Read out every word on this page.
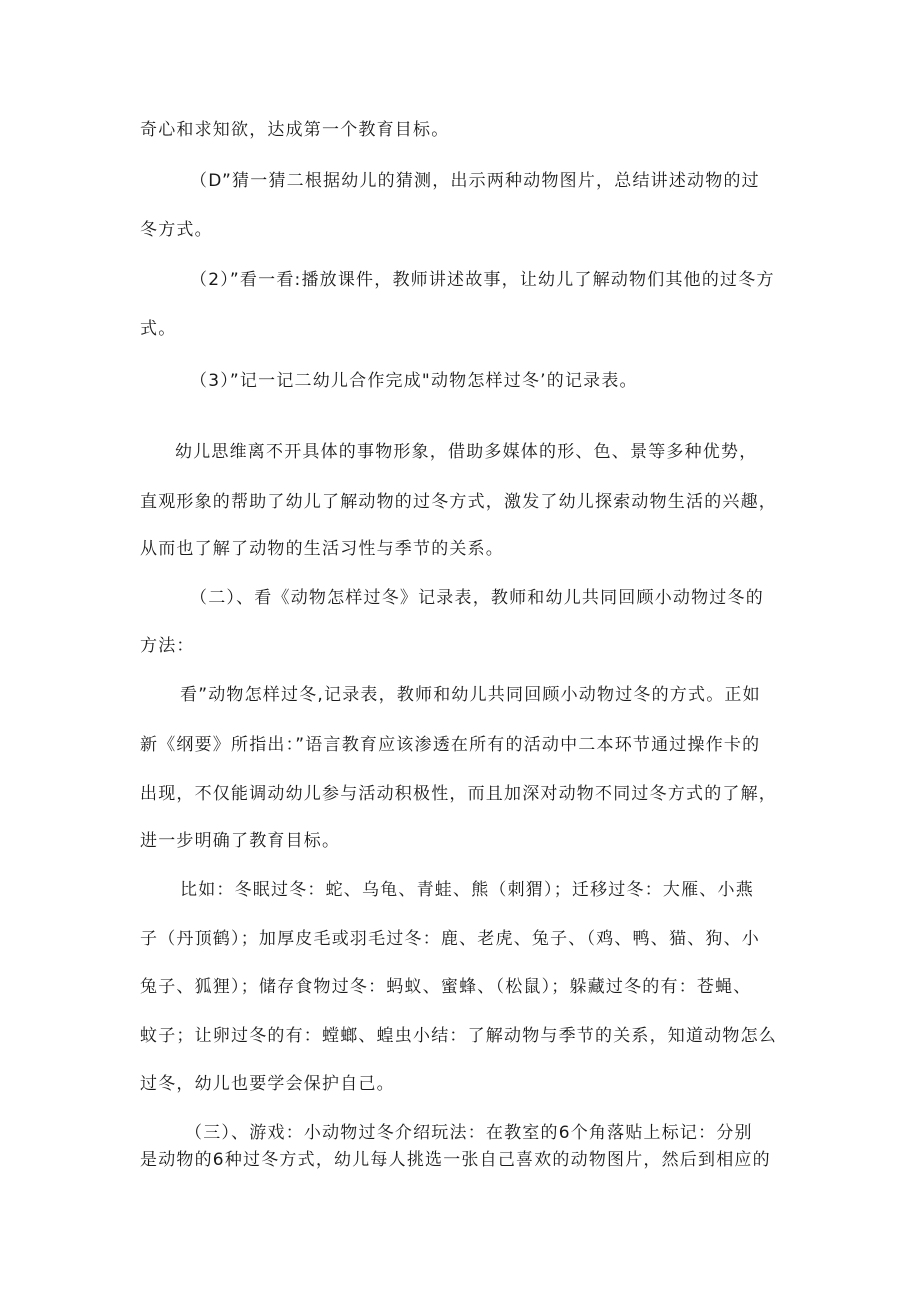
奇心和求知欲，达成第一个教育目标。
（D”猜一猜二根据幼儿的猜测，出示两种动物图片，总结讲述动物的过
冬方式。
（2）”看一看:播放课件，教师讲述故事，让幼儿了解动物们其他的过冬方
式。
（3）”记一记二幼儿合作完成"动物怎样过冬’的记录表。
幼儿思维离不开具体的事物形象，借助多媒体的形、色、景等多种优势，
直观形象的帮助了幼儿了解动物的过冬方式，激发了幼儿探索动物生活的兴趣，
从而也了解了动物的生活习性与季节的关系。
（二）、看《动物怎样过冬》记录表，教师和幼儿共同回顾小动物过冬的
方法：
看”动物怎样过冬,记录表，教师和幼儿共同回顾小动物过冬的方式。正如
新《纲要》所指出：”语言教育应该渗透在所有的活动中二本环节通过操作卡的
出现，不仅能调动幼儿参与活动积极性，而且加深对动物不同过冬方式的了解，
进一步明确了教育目标。
比如：冬眠过冬：蛇、乌龟、青蛙、熊（刺猬）；迁移过冬：大雁、小燕
子（丹顶鹤）；加厚皮毛或羽毛过冬：鹿、老虎、兔子、（鸡、鸭、猫、狗、小
兔子、狐狸）；储存食物过冬：蚂蚁、蜜蜂、（松鼠）；躲藏过冬的有：苍蝇、
蚊子；让卵过冬的有：螳螂、蝗虫小结：了解动物与季节的关系，知道动物怎么
过冬，幼儿也要学会保护自己。
（三）、游戏：小动物过冬介绍玩法：在教室的6个角落贴上标记：分别
是动物的6种过冬方式，幼儿每人挑选一张自己喜欢的动物图片，然后到相应的
